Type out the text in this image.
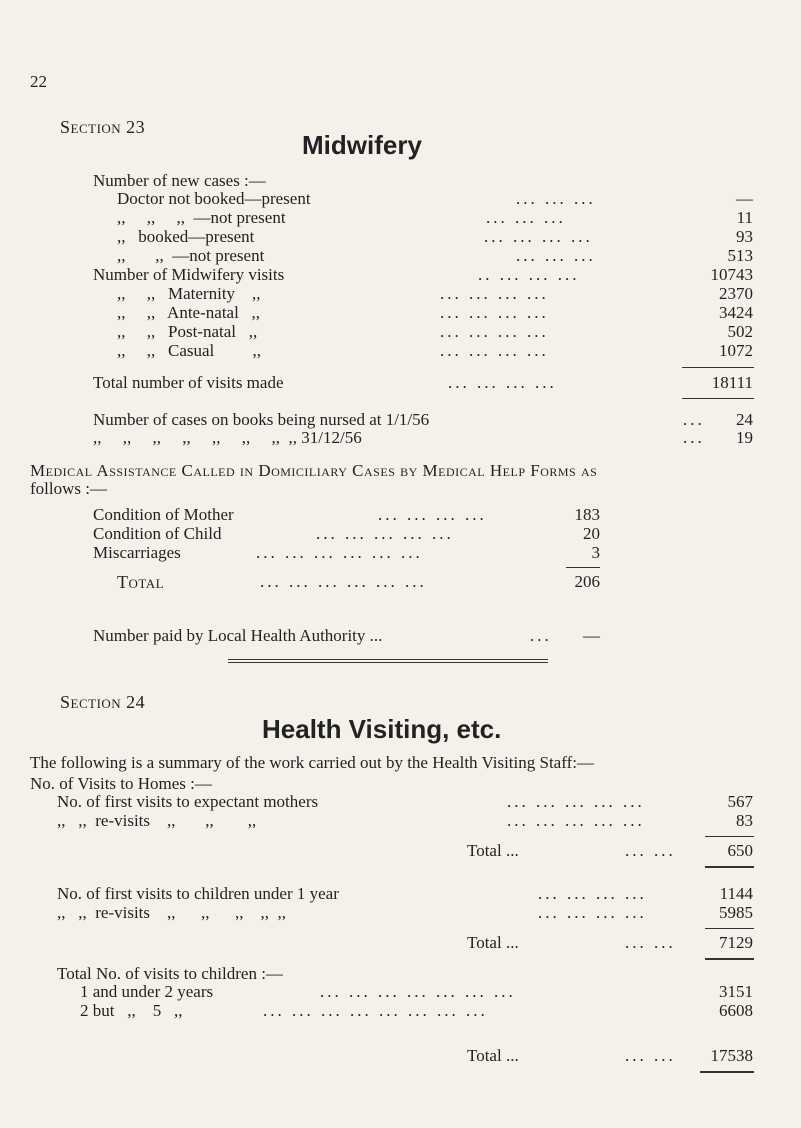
22
Section 23
Midwifery
Number of new cases :—
Doctor not booked—present	... ... ...	—
,,     ,,     ,,  —not present	... ... ...	11
,,   booked—present	... ... ... ...	93
,,       ,,  —not present	... ... ...	513
Number of Midwifery visits	.. ... ... ...	10743
,,     ,,   Maternity    ,,	... ... ... ...	2370
,,     ,,   Ante-natal   ,,	... ... ... ...	3424
,,     ,,   Post-natal   ,,	... ... ... ...	502
,,     ,,   Casual         ,,	... ... ... ...	1072
Total number of visits made	... ... ... ...	18111
Number of cases on books being nursed at 1/1/56	...	24
,,     ,,     ,,     ,,     ,,     ,,     ,,  ,, 31/12/56	...	19
Medical Assistance Called in Domiciliary Cases by Medical Help Forms as
follows :—
Condition of Mother	... ... ... ...	183
Condition of Child	... ... ... ... ...	20
Miscarriages	... ... ... ... ... ...	3
Total	... ... ... ... ... ...	206
Number paid by Local Health Authority ...	...	—
Section 24
Health Visiting, etc.
The following is a summary of the work carried out by the Health Visiting Staff:—
No. of Visits to Homes :—
No. of first visits to expectant mothers	... ... ... ... ...	567
,,   ,,  re-visits    ,,       ,,        ,,	... ... ... ... ...	83
Total ...	... ...	650
No. of first visits to children under 1 year	... ... ... ...	1144
,,   ,,  re-visits    ,,      ,,      ,,    ,,  ,,	... ... ... ...	5985
Total ...	... ...	7129
Total No. of visits to children :—
1 and under 2 years	... ... ... ... ... ... ...	3151
2 but   ,,    5   ,,	... ... ... ... ... ... ... ...	6608
Total ...	... ...	17538
